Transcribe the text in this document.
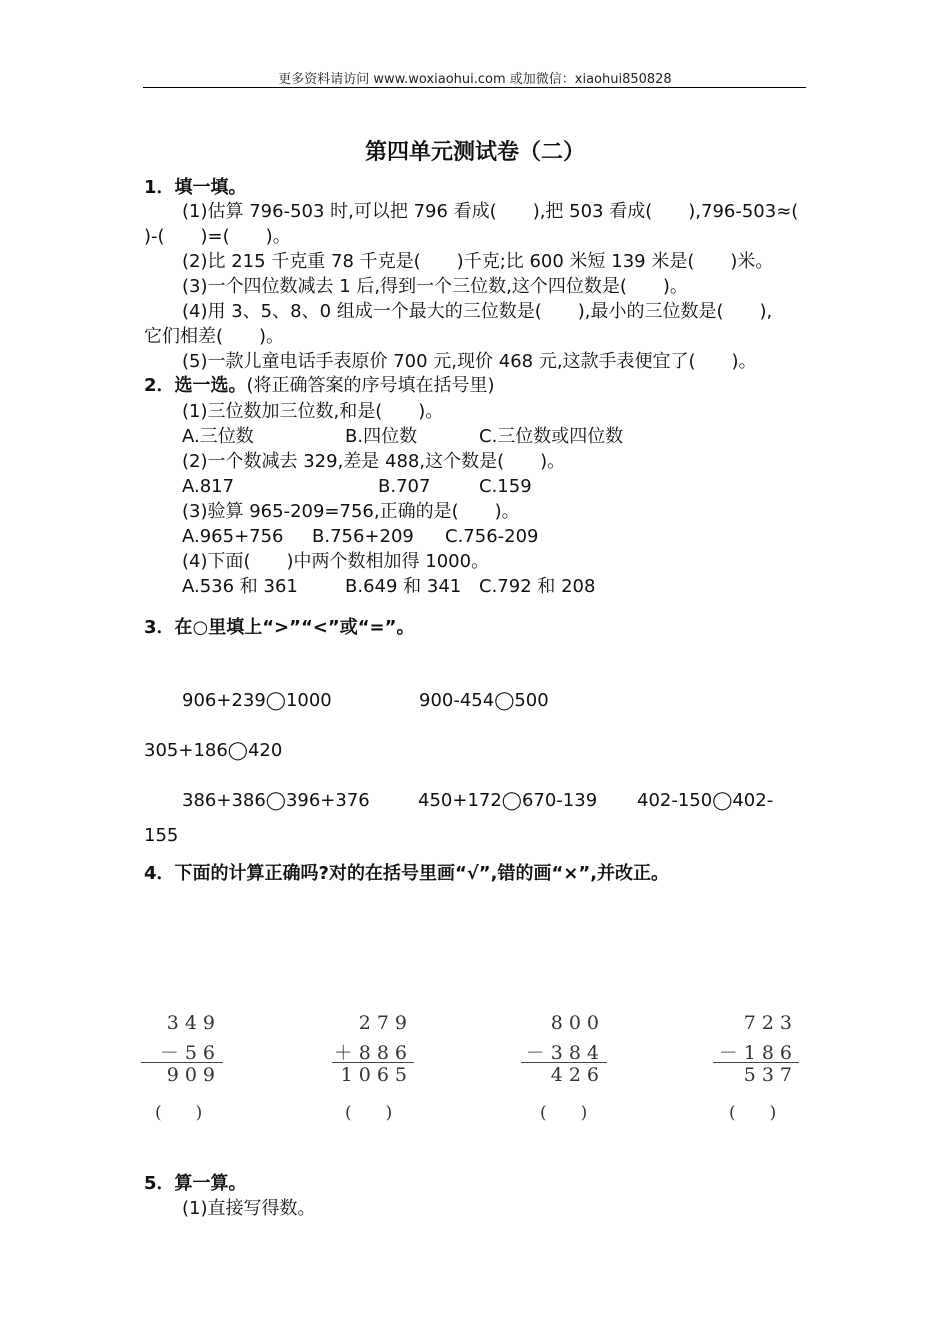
更多资料请访问 www.woxiaohui.com 或加微信：xiaohui850828
第四单元测试卷（二）
1．填一填。
(1)估算 796-503 时,可以把 796 看成(　　),把 503 看成(　　),796-503≈(
)-(　　)=(　　)。
(2)比 215 千克重 78 千克是(　　)千克;比 600 米短 139 米是(　　)米。
(3)一个四位数减去 1 后,得到一个三位数,这个四位数是(　　)。
(4)用 3、5、8、0 组成一个最大的三位数是(　　),最小的三位数是(　　),
它们相差(　　)。
(5)一款儿童电话手表原价 700 元,现价 468 元,这款手表便宜了(　　)。
2．选一选。(将正确答案的序号填在括号里)
(1)三位数加三位数,和是(　　)。
A.三位数	B.四位数	C.三位数或四位数
(2)一个数减去 329,差是 488,这个数是(　　)。
A.817	B.707	C.159
(3)验算 965-209=756,正确的是(　　)。
A.965+756 B.756+209 C.756-209
(4)下面(　　)中两个数相加得 1000。
A.536 和 361	B.649 和 341 C.792 和 208
3．在○里填上“>”“<”或“=”。
906+239◯1000	900-454◯500
305+186◯420
386+386◯396+376	450+172◯670-139 402-150◯402-
155
4．下面的计算正确吗?对的在括号里画“√”,错的画“×”,并改正。
349
－56
909
(　　)
279
＋886
1065
(　　)
800
－384
426
(　　)
723
－186
537
(　　)
5．算一算。
(1)直接写得数。
